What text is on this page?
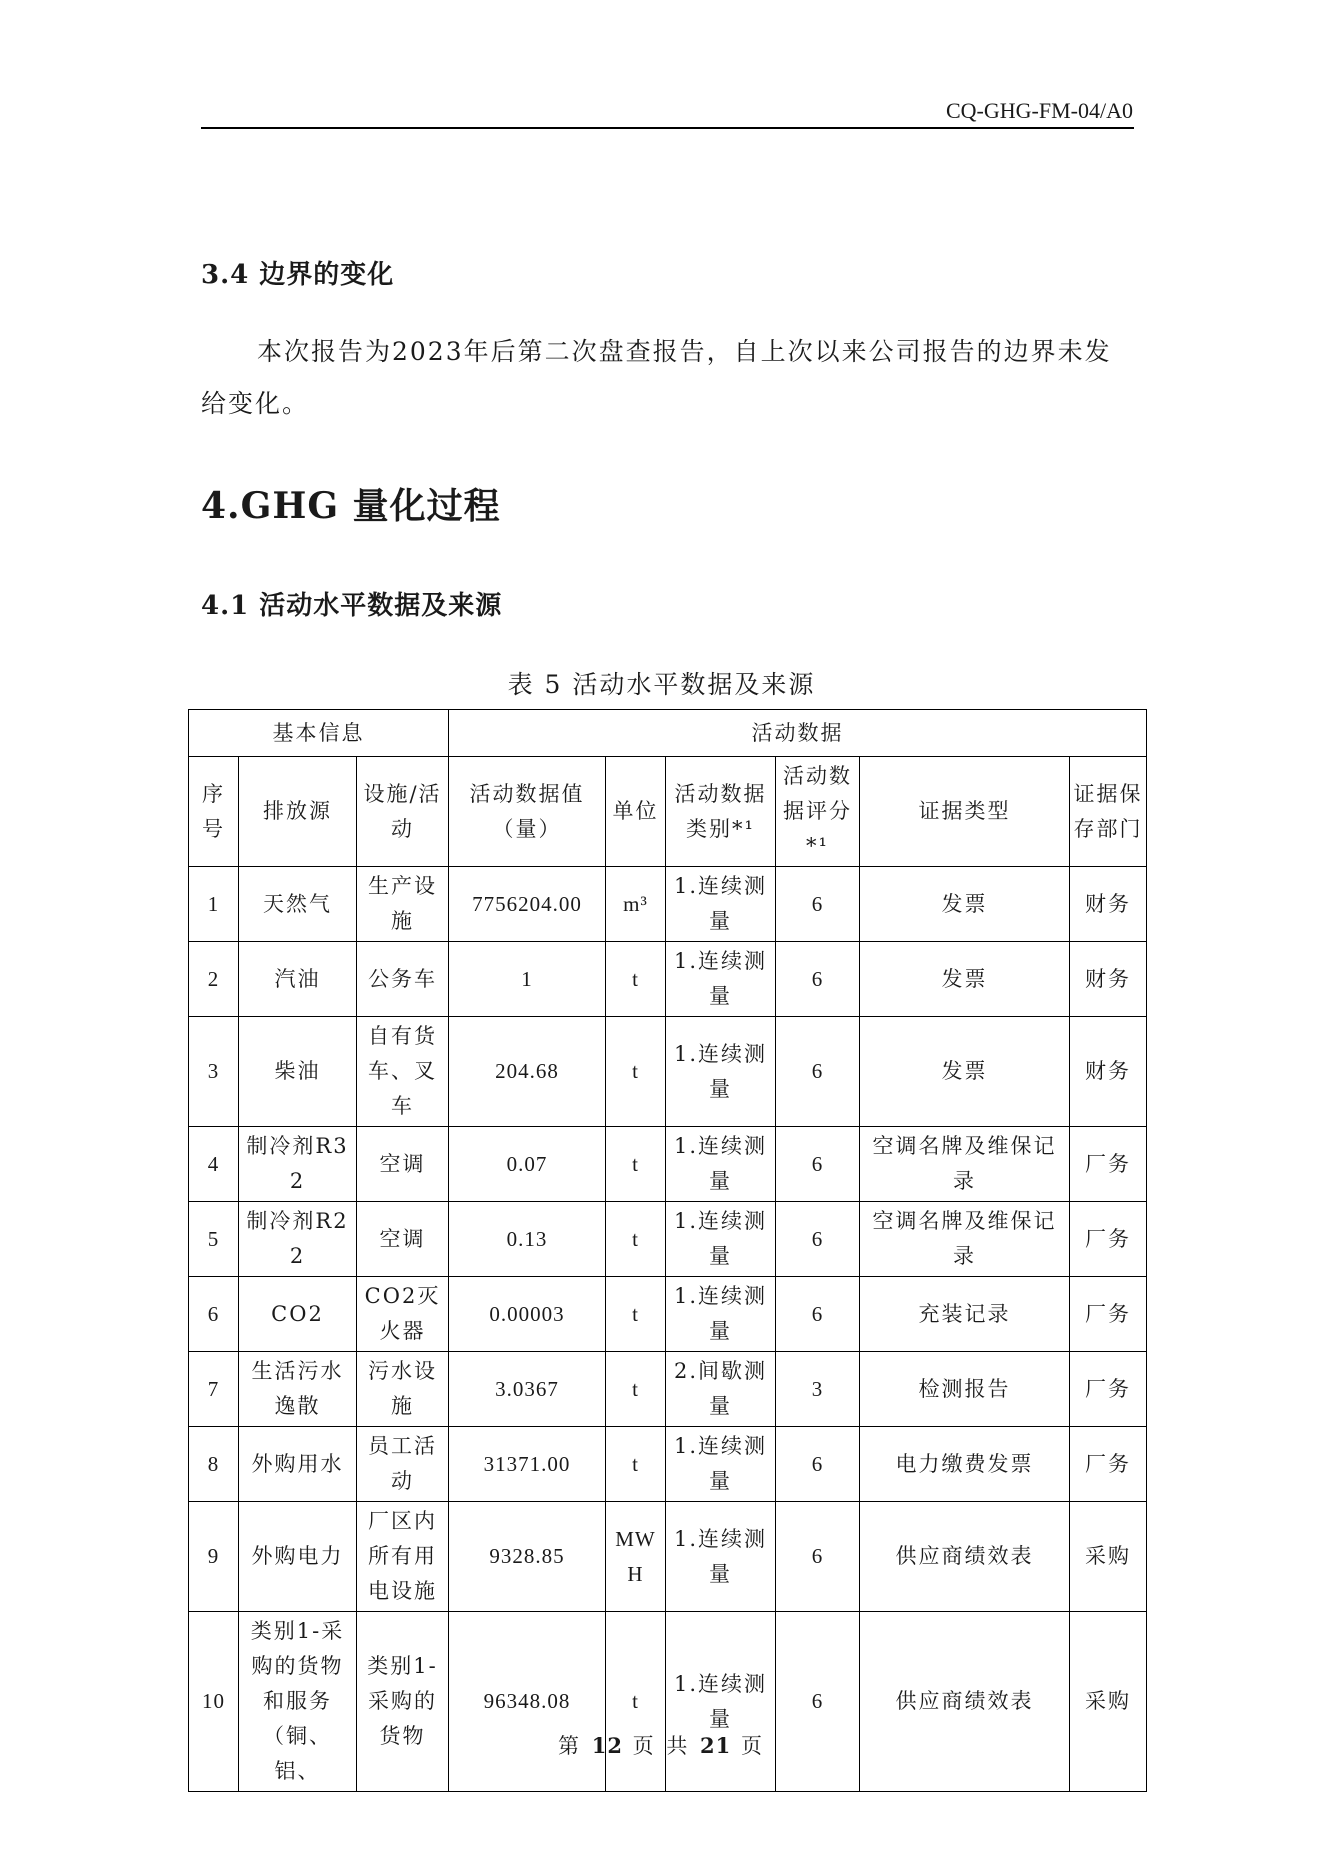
CQ-GHG-FM-04/A0
3.4 边界的变化
本次报告为2023年后第二次盘查报告，自上次以来公司报告的边界未发给变化。
4.GHG 量化过程
4.1 活动水平数据及来源
表 5 活动水平数据及来源
基本信息			活动数据					
序号	排放源	设施/活动	活动数据值（量）	单位	活动数据类别*¹	活动数据评分*¹	证据类型	证据保存部门
1	天然气	生产设施	7756204.00	m³	1.连续测量	6	发票	财务
2	汽油	公务车	1	t	1.连续测量	6	发票	财务
3	柴油	自有货车、叉车	204.68	t	1.连续测量	6	发票	财务
4	制冷剂R32	空调	0.07	t	1.连续测量	6	空调名牌及维保记录	厂务
5	制冷剂R22	空调	0.13	t	1.连续测量	6	空调名牌及维保记录	厂务
6	CO2	CO2灭火器	0.00003	t	1.连续测量	6	充装记录	厂务
7	生活污水逸散	污水设施	3.0367	t	2.间歇测量	3	检测报告	厂务
8	外购用水	员工活动	31371.00	t	1.连续测量	6	电力缴费发票	厂务
9	外购电力	厂区内所有用电设施	9328.85	MWH	1.连续测量	6	供应商绩效表	采购
10	类别1-采购的货物和服务（铜、铝、	类别1-采购的货物	96348.08	t	1.连续测量	6	供应商绩效表	采购
第 12 页 共 21 页
